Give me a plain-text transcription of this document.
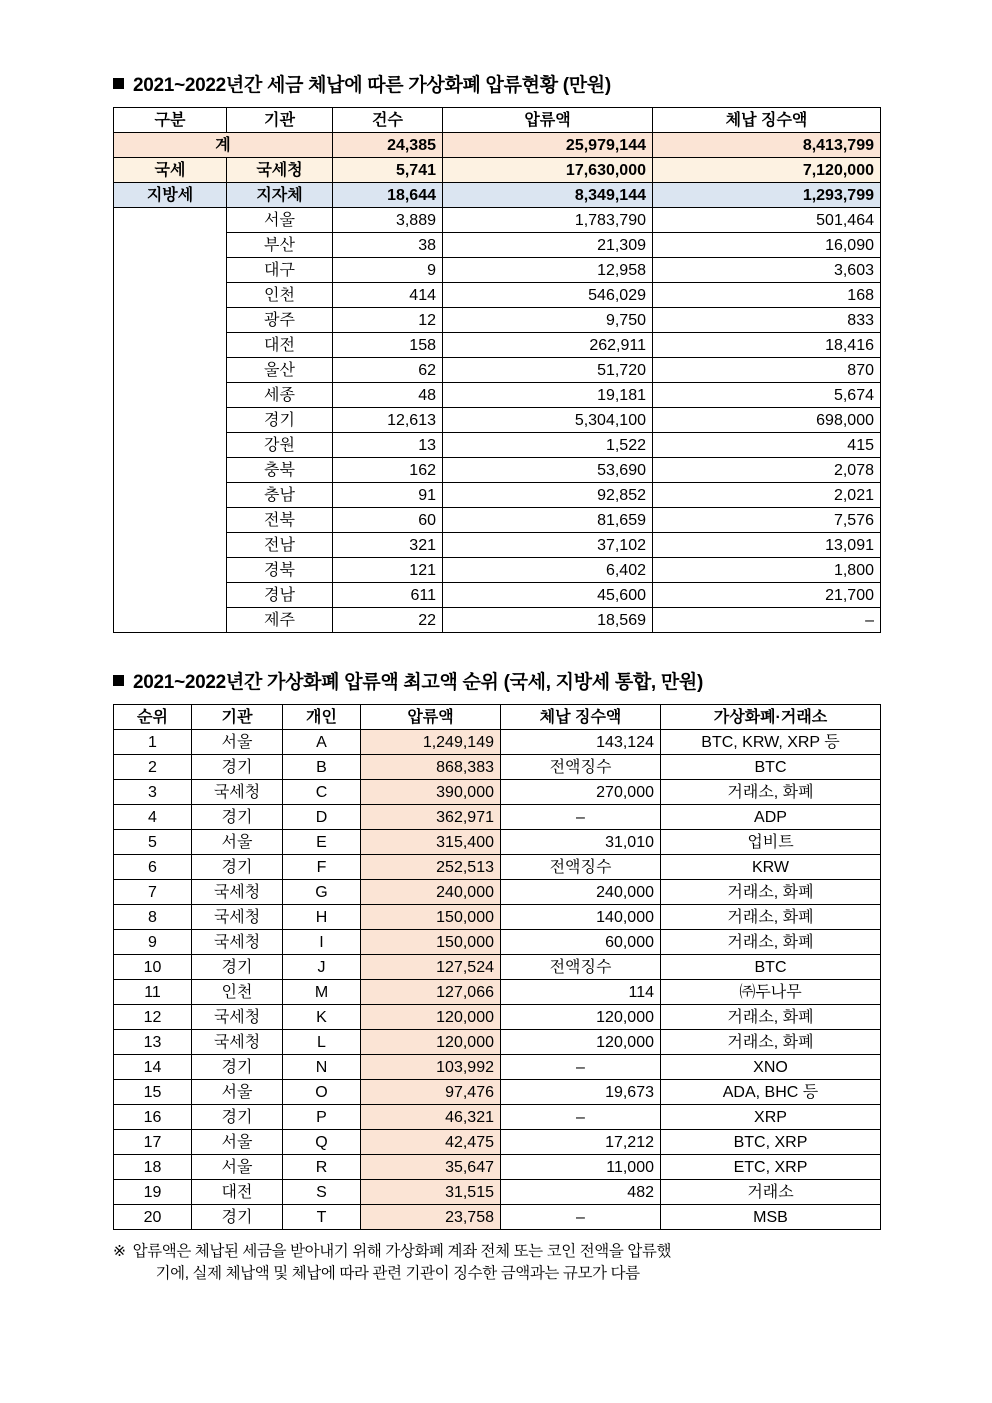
2021~2022년간 세금 체납에 따른 가상화폐 압류현황 (만원)
구분	기관	건수	압류액	체납 징수액
계		24,385	25,979,144	8,413,799
국세	국세청	5,741	17,630,000	7,120,000
지방세	지자체	18,644	8,349,144	1,293,799
	서울	3,889	1,783,790	501,464
	부산	38	21,309	16,090
	대구	9	12,958	3,603
	인천	414	546,029	168
	광주	12	9,750	833
	대전	158	262,911	18,416
	울산	62	51,720	870
	세종	48	19,181	5,674
	경기	12,613	5,304,100	698,000
	강원	13	1,522	415
	충북	162	53,690	2,078
	충남	91	92,852	2,021
	전북	60	81,659	7,576
	전남	321	37,102	13,091
	경북	121	6,402	1,800
	경남	611	45,600	21,700
	제주	22	18,569	–
2021~2022년간 가상화폐 압류액 최고액 순위 (국세, 지방세 통합, 만원)
순위	기관	개인	압류액	체납 징수액	가상화폐·거래소
1	서울	A	1,249,149	143,124	BTC, KRW, XRP 등
2	경기	B	868,383	전액징수	BTC
3	국세청	C	390,000	270,000	거래소, 화폐
4	경기	D	362,971	–	ADP
5	서울	E	315,400	31,010	업비트
6	경기	F	252,513	전액징수	KRW
7	국세청	G	240,000	240,000	거래소, 화폐
8	국세청	H	150,000	140,000	거래소, 화폐
9	국세청	I	150,000	60,000	거래소, 화폐
10	경기	J	127,524	전액징수	BTC
11	인천	M	127,066	114	㈜두나무
12	국세청	K	120,000	120,000	거래소, 화폐
13	국세청	L	120,000	120,000	거래소, 화폐
14	경기	N	103,992	–	XNO
15	서울	O	97,476	19,673	ADA, BHC 등
16	경기	P	46,321	–	XRP
17	서울	Q	42,475	17,212	BTC, XRP
18	서울	R	35,647	11,000	ETC, XRP
19	대전	S	31,515	482	거래소
20	경기	T	23,758	–	MSB
※ 압류액은 체납된 세금을 받아내기 위해 가상화폐 계좌 전체 또는 코인 전액을 압류했
기에, 실제 체납액 및 체납에 따라 관련 기관이 징수한 금액과는 규모가 다름
